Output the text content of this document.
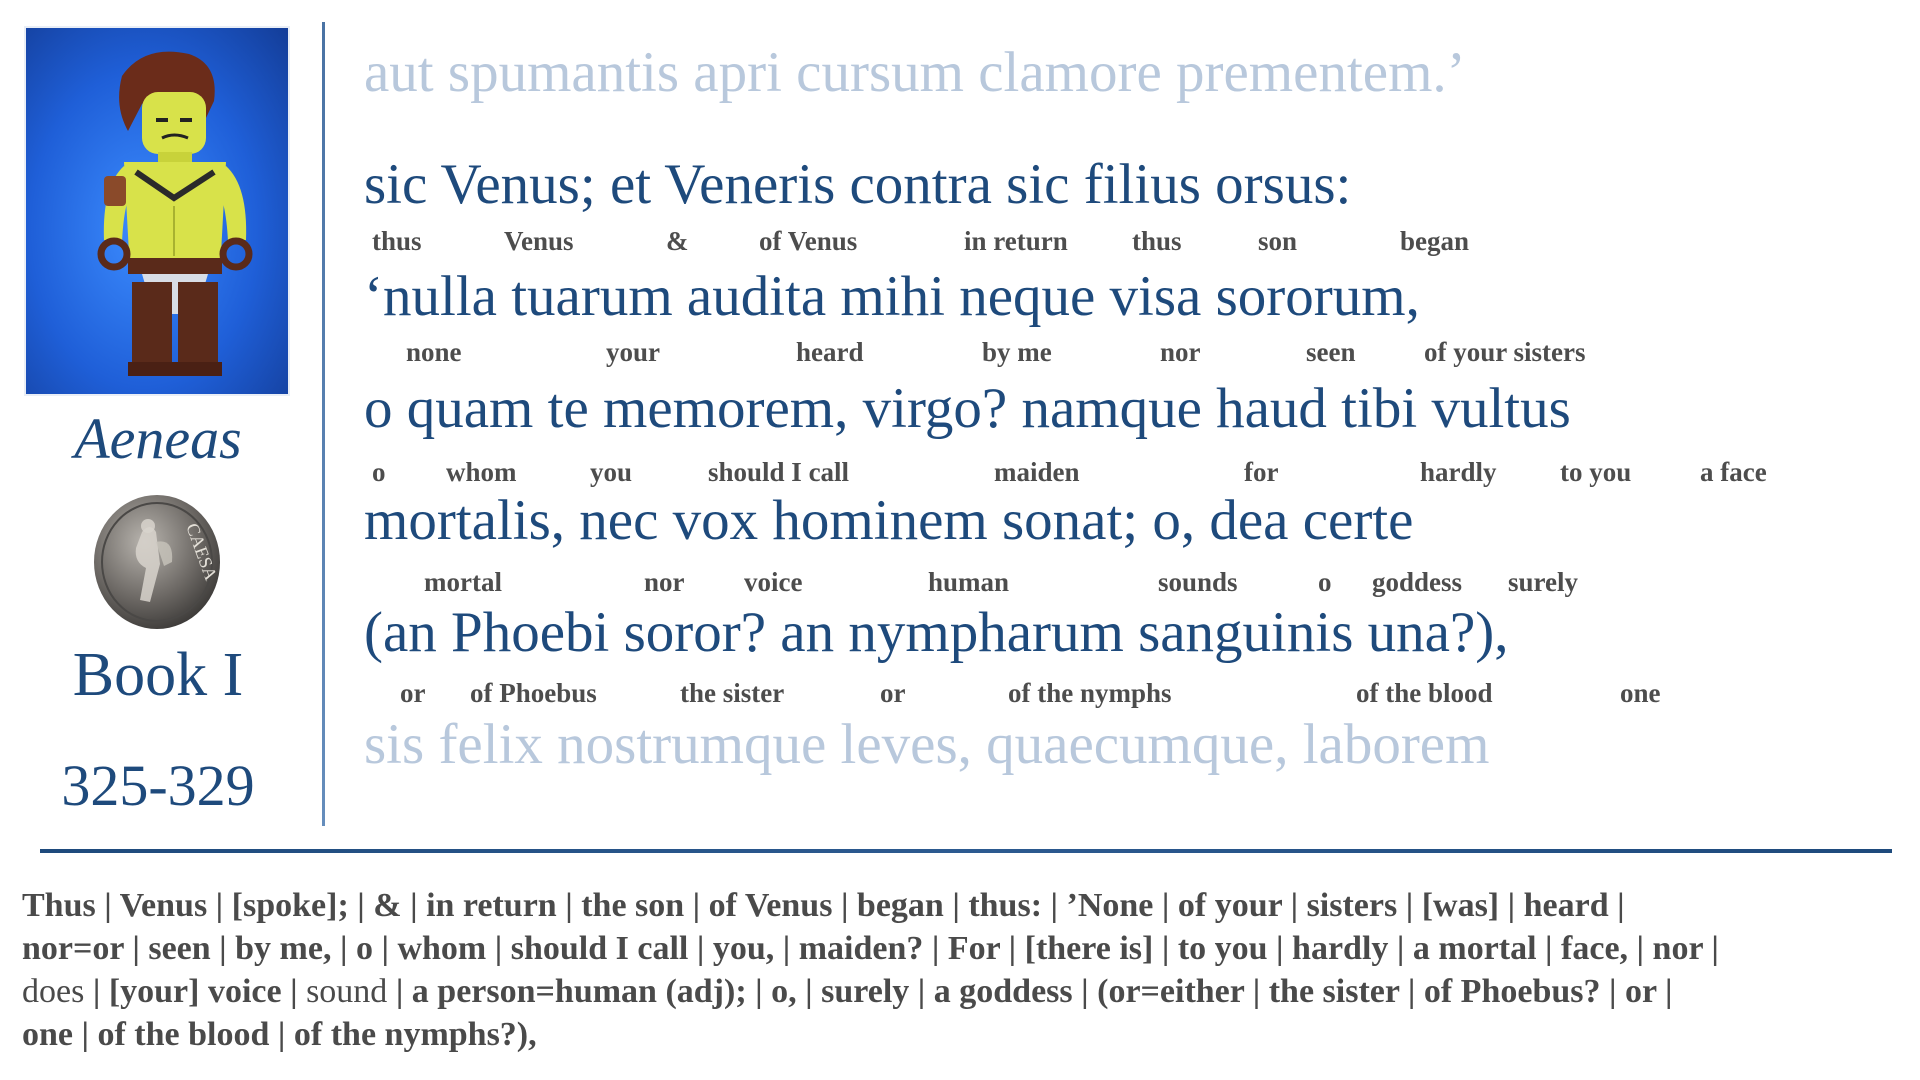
Aeneas
CAESA
Book I
325-329
aut spumantis apri cursum clamore prementem.’
sic Venus; et Veneris contra sic filius orsus:
thus	Venus	&	of Venus	in return thus	son	began
‘nulla tuarum audita mihi neque visa sororum,
none	your	heard	by me	nor	seen	of your sisters
o quam te memorem, virgo? namque haud tibi vultus
o whom	you	should I call	maiden	for	hardly to you	a face
mortalis, nec vox hominem sonat; o, dea certe
mortal	nor voice	human	sounds	o goddess surely
(an Phoebi soror? an nympharum sanguinis una?),
or of Phoebus	the sister	or	of the nymphs	of the blood	one
sis felix nostrumque leves, quaecumque, laborem
Thus | Venus | [spoke]; | & | in return | the son | of Venus | began | thus: | ’None | of your | sisters | [was] | heard |
nor=or | seen | by me, | o | whom | should I call | you, | maiden? | For | [there is] | to you | hardly | a mortal | face, | nor |
does | [your] voice | sound | a person=human (adj); | o, | surely | a goddess | (or=either | the sister | of Phoebus? | or |
one | of the blood | of the nymphs?),
